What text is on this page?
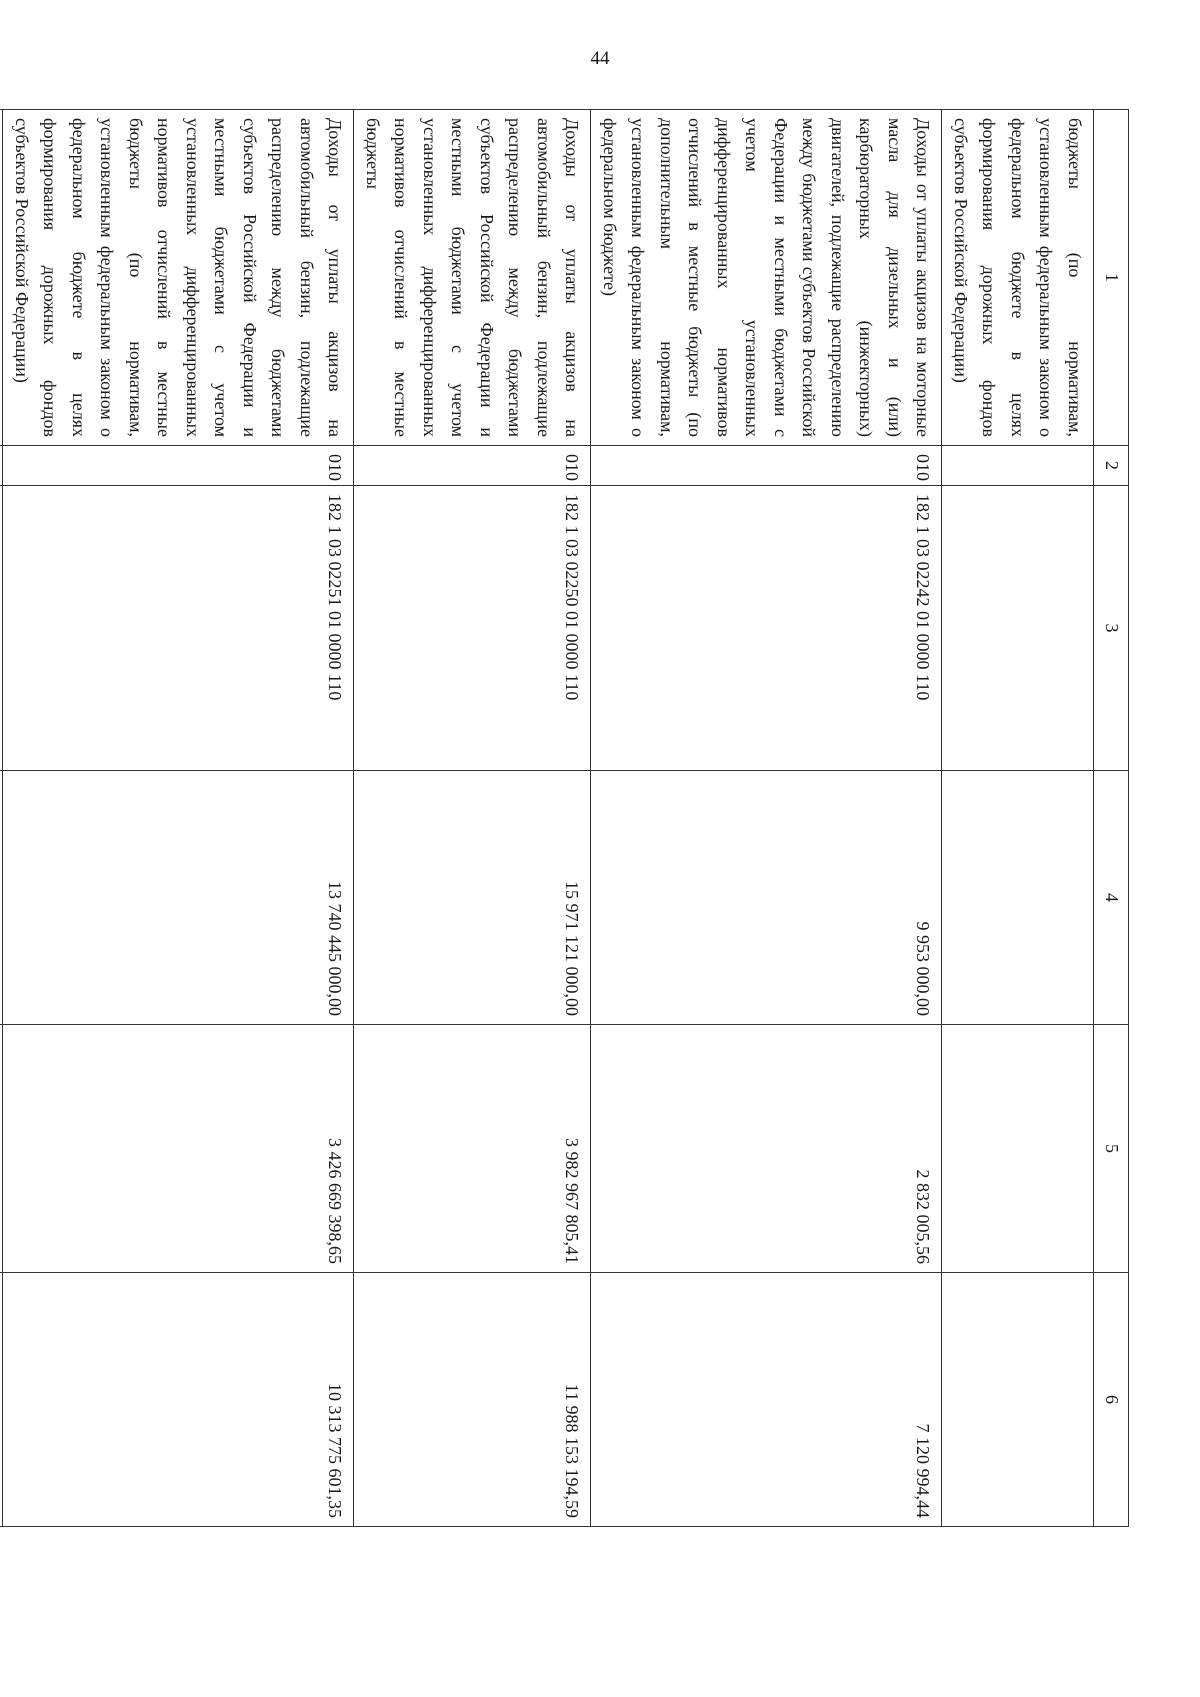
44
1	2	3	4	5	6
бюджеты (по нормативам, установленным федеральным законом о федеральном бюджете в целях формирования дорожных фондов субъектов Российской Федерации)					
Доходы от уплаты акцизов на моторные масла для дизельных и (или) карбюраторных (инжекторных) двигателей, подлежащие распределению между бюджетами субъектов Российской Федерации и местными бюджетами с учетом установленных дифференцированных нормативов отчислений в местные бюджеты (по дополнительным нормативам, установленным федеральным законом о федеральном бюджете)	010	182 1 03 02242 01 0000 110	9 953 000,00	2 832 005,56	7 120 994,44
Доходы от уплаты акцизов на автомобильный бензин, подлежащие распределению между бюджетами субъектов Российской Федерации и местными бюджетами с учетом установленных дифференцированных нормативов отчислений в местные бюджеты	010	182 1 03 02250 01 0000 110	15 971 121 000,00	3 982 967 805,41	11 988 153 194,59
Доходы от уплаты акцизов на автомобильный бензин, подлежащие распределению между бюджетами субъектов Российской Федерации и местными бюджетами с учетом установленных дифференцированных нормативов отчислений в местные бюджеты (по нормативам, установленным федеральным законом о федеральном бюджете в целях формирования дорожных фондов субъектов Российской Федерации)	010	182 1 03 02251 01 0000 110	13 740 445 000,00	3 426 669 398,65	10 313 775 601,35
